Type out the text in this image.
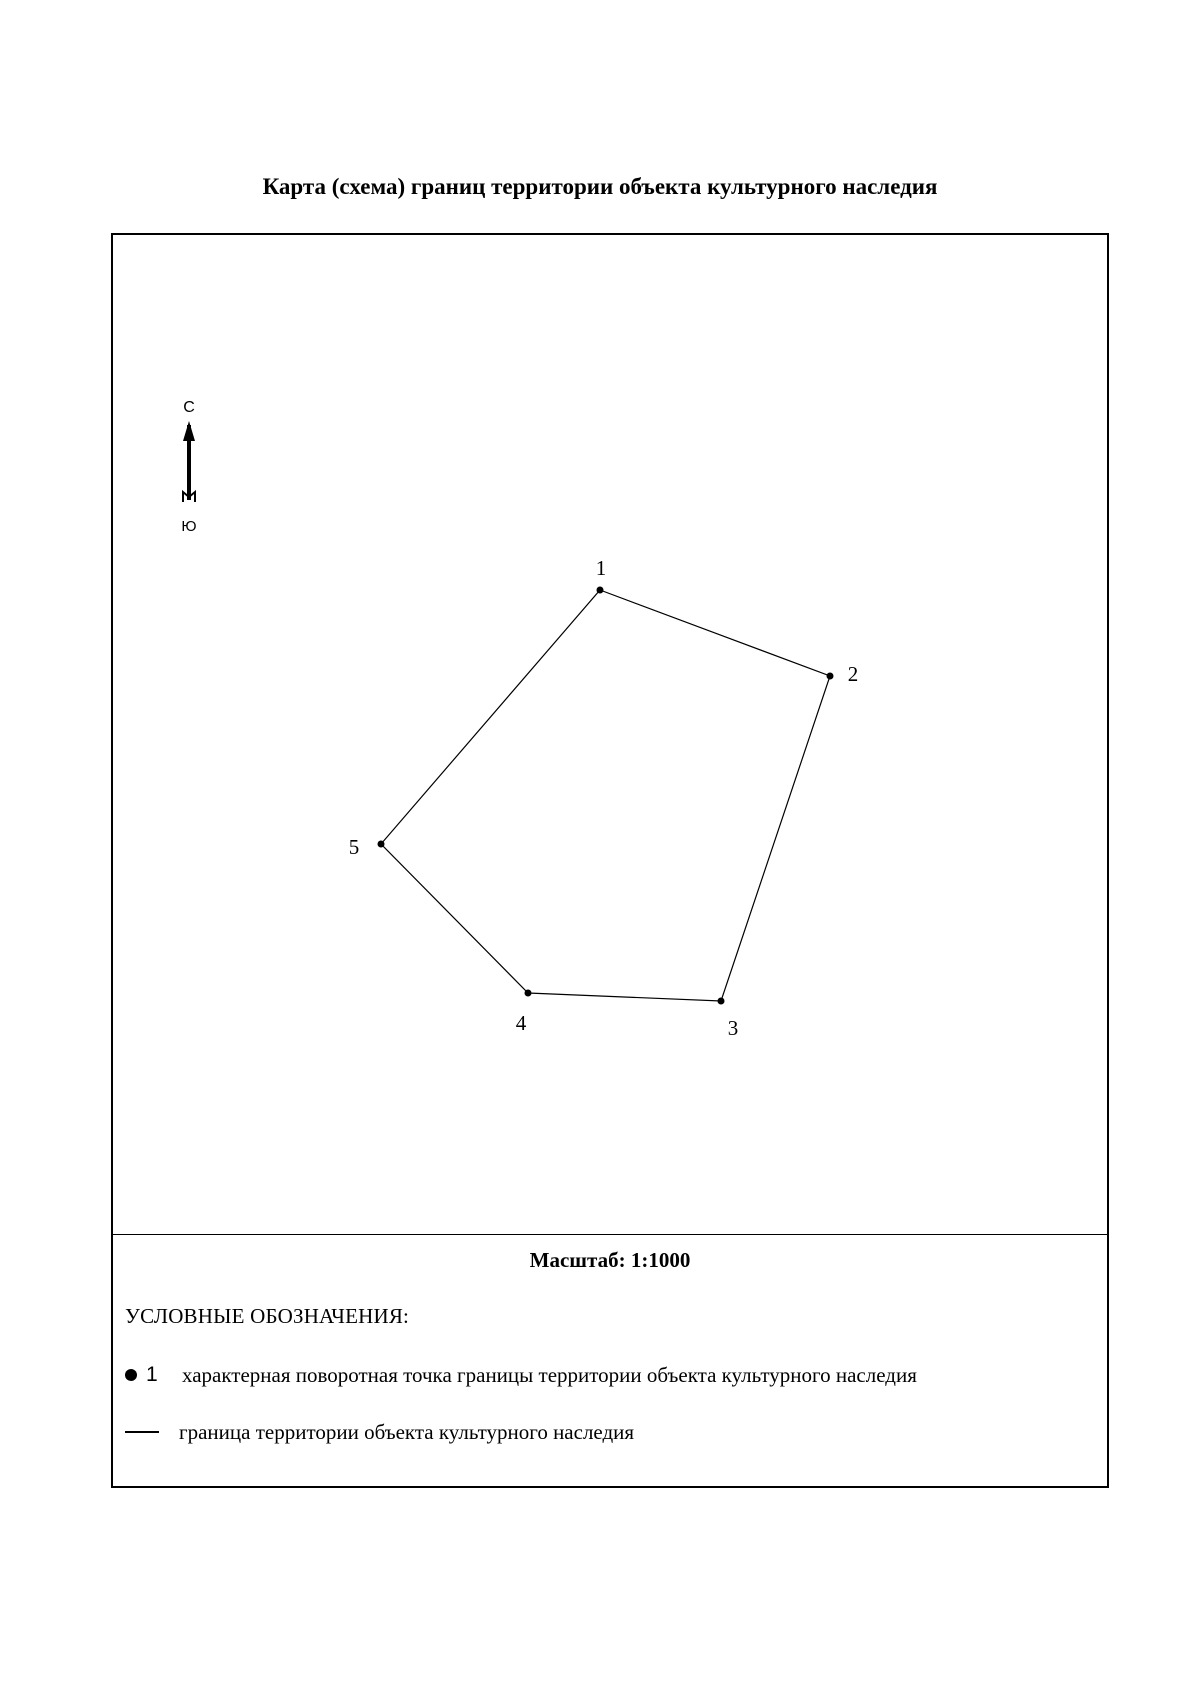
Карта (схема) границ территории объекта культурного наследия
С
Ю
1
2
3
4
5
Масштаб: 1:1000
УСЛОВНЫЕ ОБОЗНАЧЕНИЯ:
1	характерная поворотная точка границы территории объекта культурного наследия
граница территории объекта культурного наследия
